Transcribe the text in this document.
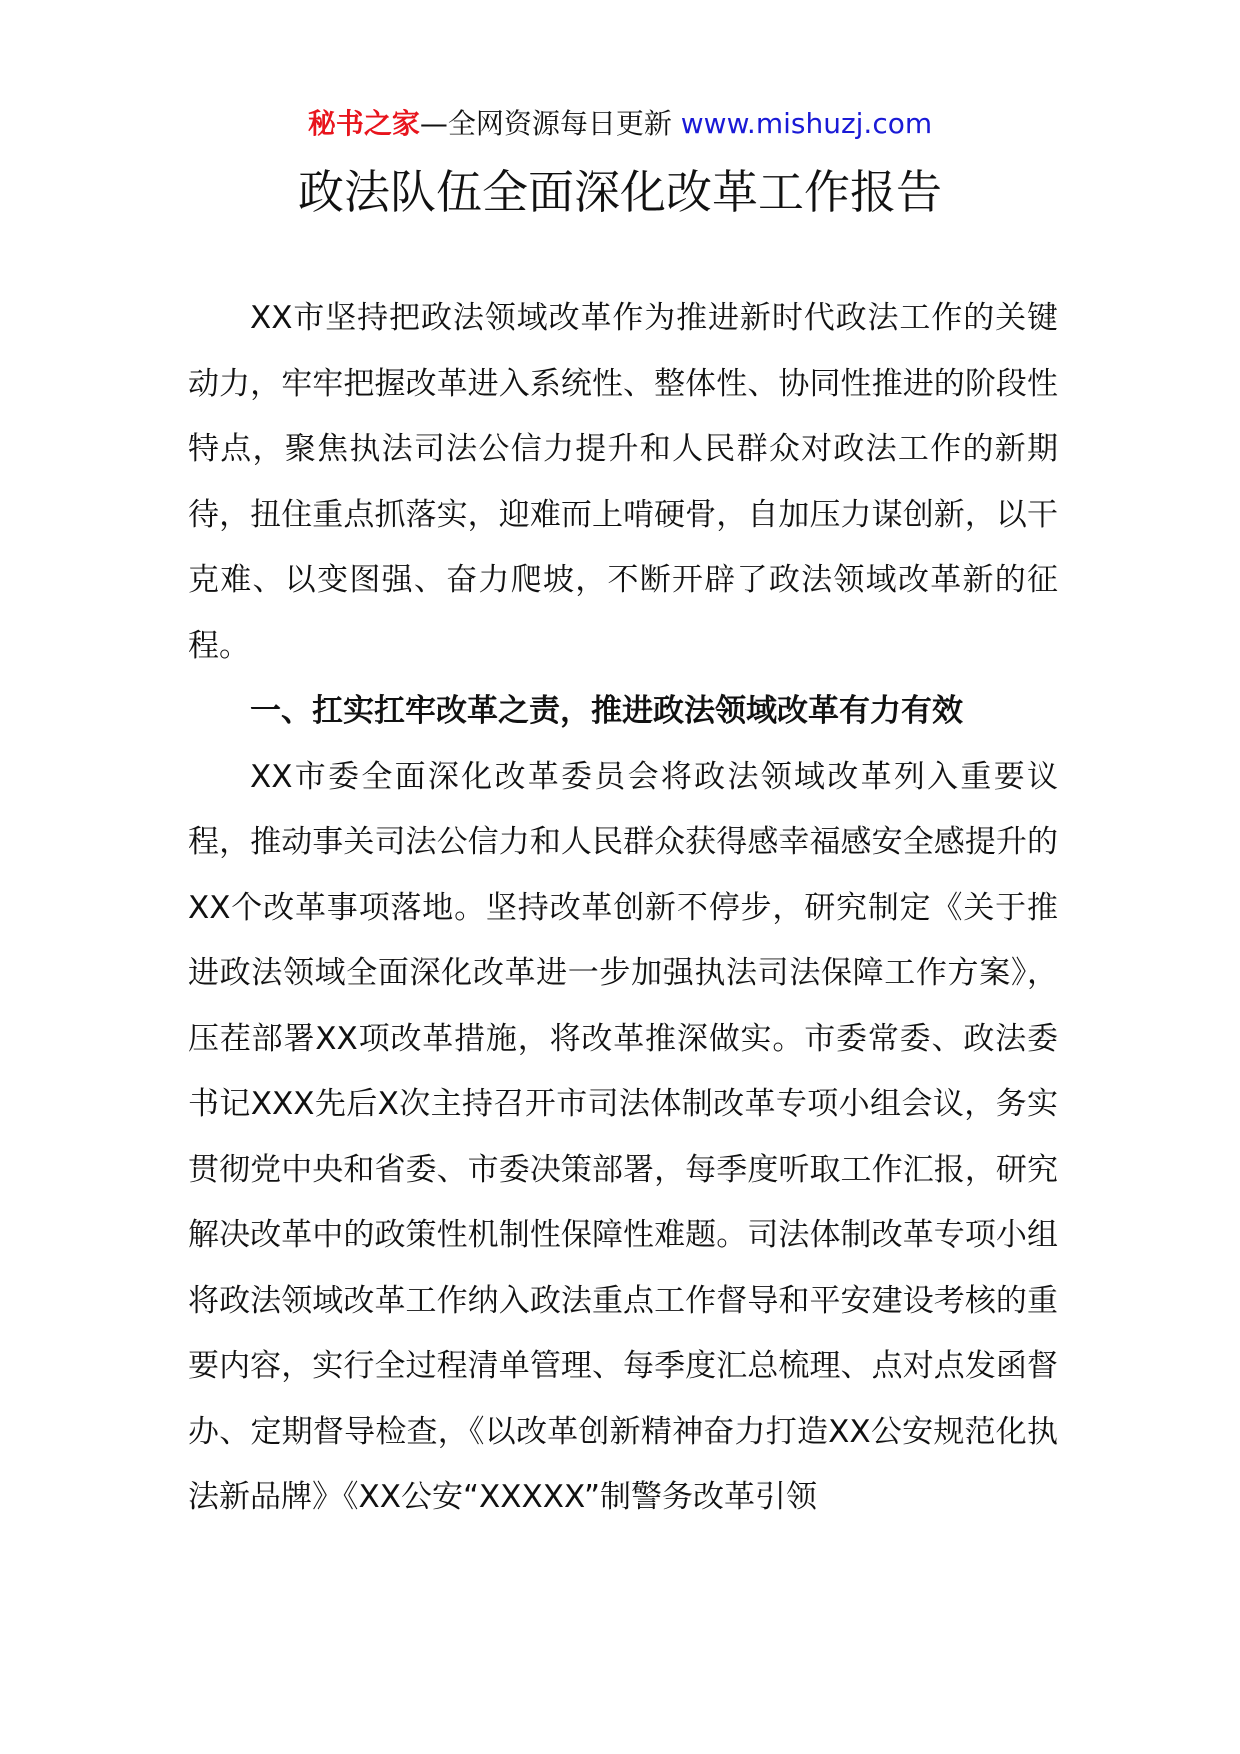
秘书之家—全网资源每日更新 www.mishuzj.com
政法队伍全面深化改革工作报告

XX市坚持把政法领域改革作为推进新时代政法工作的关键动力，牢牢把握改革进入系统性、整体性、协同性推进的阶段性特点，聚焦执法司法公信力提升和人民群众对政法工作的新期待，扭住重点抓落实，迎难而上啃硬骨，自加压力谋创新，以干克难、以变图强、奋力爬坡，不断开辟了政法领域改革新的征程。

一、扛实扛牢改革之责，推进政法领域改革有力有效

XX市委全面深化改革委员会将政法领域改革列入重要议程，推动事关司法公信力和人民群众获得感幸福感安全感提升的XX个改革事项落地。坚持改革创新不停步，研究制定《关于推进政法领域全面深化改革进一步加强执法司法保障工作方案》，压茬部署XX项改革措施，将改革推深做实。市委常委、政法委书记XXX先后X次主持召开市司法体制改革专项小组会议，务实贯彻党中央和省委、市委决策部署，每季度听取工作汇报，研究解决改革中的政策性机制性保障性难题。司法体制改革专项小组将政法领域改革工作纳入政法重点工作督导和平安建设考核的重要内容，实行全过程清单管理、每季度汇总梳理、点对点发函督办、定期督导检查，《以改革创新精神奋力打造XX公安规范化执法新品牌》《XX公安“XXXXX”制警务改革引领
